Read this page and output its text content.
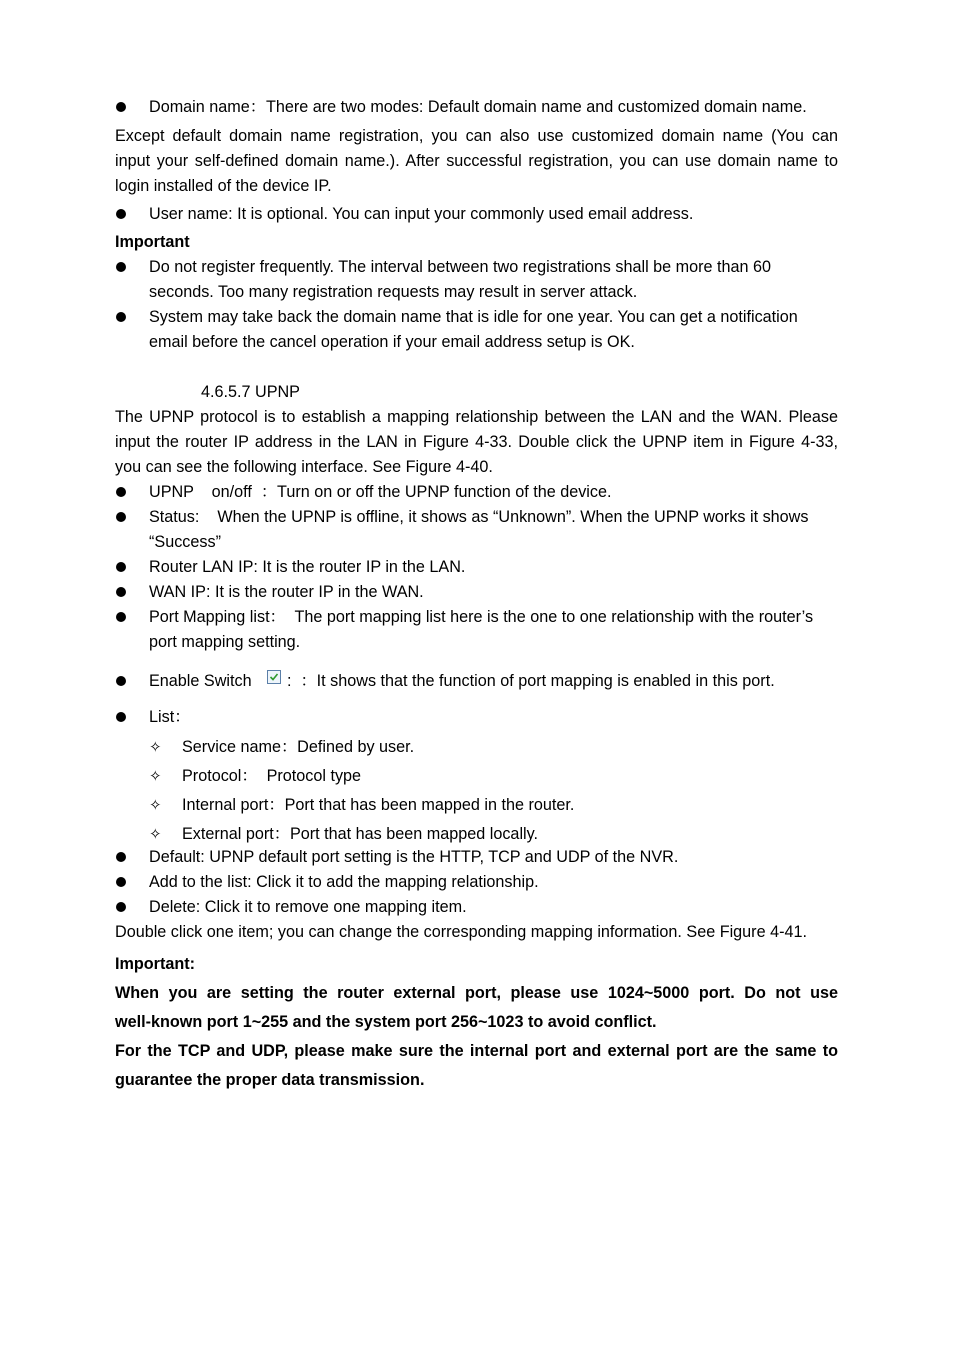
Domain name：There are two modes: Default domain name and customized domain name.
Except default domain name registration, you can also use customized domain name (You can
input your self-defined domain name.). After successful registration, you can use domain name to
login installed of the device IP.
User name: It is optional. You can input your commonly used email address.
Important
Do not register frequently. The interval between two registrations shall be more than 60
seconds. Too many registration requests may result in server attack.
System may take back the domain name that is idle for one year. You can get a notification
email before the cancel operation if your email address setup is OK.
4.6.5.7 UPNP
The UPNP protocol is to establish a mapping relationship between the LAN and the WAN. Please
input the router IP address in the LAN in Figure 4-33. Double click the UPNP item in Figure 4-33,
you can see the following interface. See Figure 4-40.
UPNP    on/off  ：Turn on or off the UPNP function of the device.
Status:    When the UPNP is offline, it shows as “Unknown”. When the UPNP works it shows
“Success”
Router LAN IP: It is the router IP in the LAN.
WAN IP: It is the router IP in the WAN.
Port Mapping list：  The port mapping list here is the one to one relationship with the router’s
port mapping setting.
Enable Switch :  ：It shows that the function of port mapping is enabled in this port.
List：
✧ Service name：Defined by user.
✧ Protocol：  Protocol type
✧ Internal port：Port that has been mapped in the router.
✧ External port：Port that has been mapped locally.
Default: UPNP default port setting is the HTTP, TCP and UDP of the NVR.
Add to the list: Click it to add the mapping relationship.
Delete: Click it to remove one mapping item.
Double click one item; you can change the corresponding mapping information. See Figure 4-41.
Important:
When you are setting the router external port, please use 1024~5000 port. Do not use
well-known port 1~255 and the system port 256~1023 to avoid conflict.
For the TCP and UDP, please make sure the internal port and external port are the same to
guarantee the proper data transmission.
